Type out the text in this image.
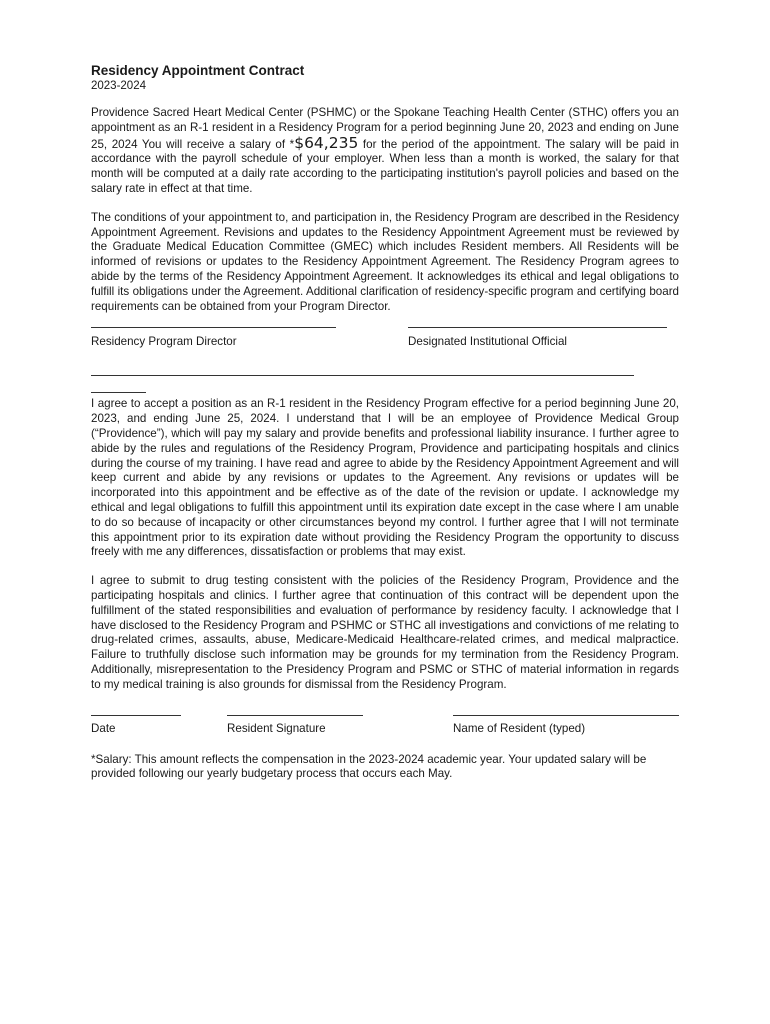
Residency Appointment Contract
2023-2024

Providence Sacred Heart Medical Center (PSHMC) or the Spokane Teaching Health Center (STHC) offers you an appointment as an R-1 resident in a Residency Program for a period beginning June 20, 2023 and ending on June 25, 2024 You will receive a salary of *$64,235 for the period of the appointment. The salary will be paid in accordance with the payroll schedule of your employer. When less than a month is worked, the salary for that month will be computed at a daily rate according to the participating institution's payroll policies and based on the salary rate in effect at that time.

The conditions of your appointment to, and participation in, the Residency Program are described in the Residency Appointment Agreement. Revisions and updates to the Residency Appointment Agreement must be reviewed by the Graduate Medical Education Committee (GMEC) which includes Resident members. All Residents will be informed of revisions or updates to the Residency Appointment Agreement. The Residency Program agrees to abide by the terms of the Residency Appointment Agreement. It acknowledges its ethical and legal obligations to fulfill its obligations under the Agreement. Additional clarification of residency-specific program and certifying board requirements can be obtained from your Program Director.

Residency Program Director	Designated Institutional Official

I agree to accept a position as an R-1 resident in the Residency Program effective for a period beginning June 20, 2023, and ending June 25, 2024. I understand that I will be an employee of Providence Medical Group (“Providence”), which will pay my salary and provide benefits and professional liability insurance. I further agree to abide by the rules and regulations of the Residency Program, Providence and participating hospitals and clinics during the course of my training. I have read and agree to abide by the Residency Appointment Agreement and will keep current and abide by any revisions or updates to the Agreement. Any revisions or updates will be incorporated into this appointment and be effective as of the date of the revision or update. I acknowledge my ethical and legal obligations to fulfill this appointment until its expiration date except in the case where I am unable to do so because of incapacity or other circumstances beyond my control. I further agree that I will not terminate this appointment prior to its expiration date without providing the Residency Program the opportunity to discuss freely with me any differences, dissatisfaction or problems that may exist.

I agree to submit to drug testing consistent with the policies of the Residency Program, Providence and the participating hospitals and clinics. I further agree that continuation of this contract will be dependent upon the fulfillment of the stated responsibilities and evaluation of performance by residency faculty. I acknowledge that I have disclosed to the Residency Program and PSHMC or STHC all investigations and convictions of me relating to drug-related crimes, assaults, abuse, Medicare-Medicaid Healthcare-related crimes, and medical malpractice. Failure to truthfully disclose such information may be grounds for my termination from the Residency Program. Additionally, misrepresentation to the Presidency Program and PSMC or STHC of material information in regards to my medical training is also grounds for dismissal from the Residency Program.

Date	Resident Signature	Name of Resident (typed)

*Salary: This amount reflects the compensation in the 2023-2024 academic year. Your updated salary will be provided following our yearly budgetary process that occurs each May.
